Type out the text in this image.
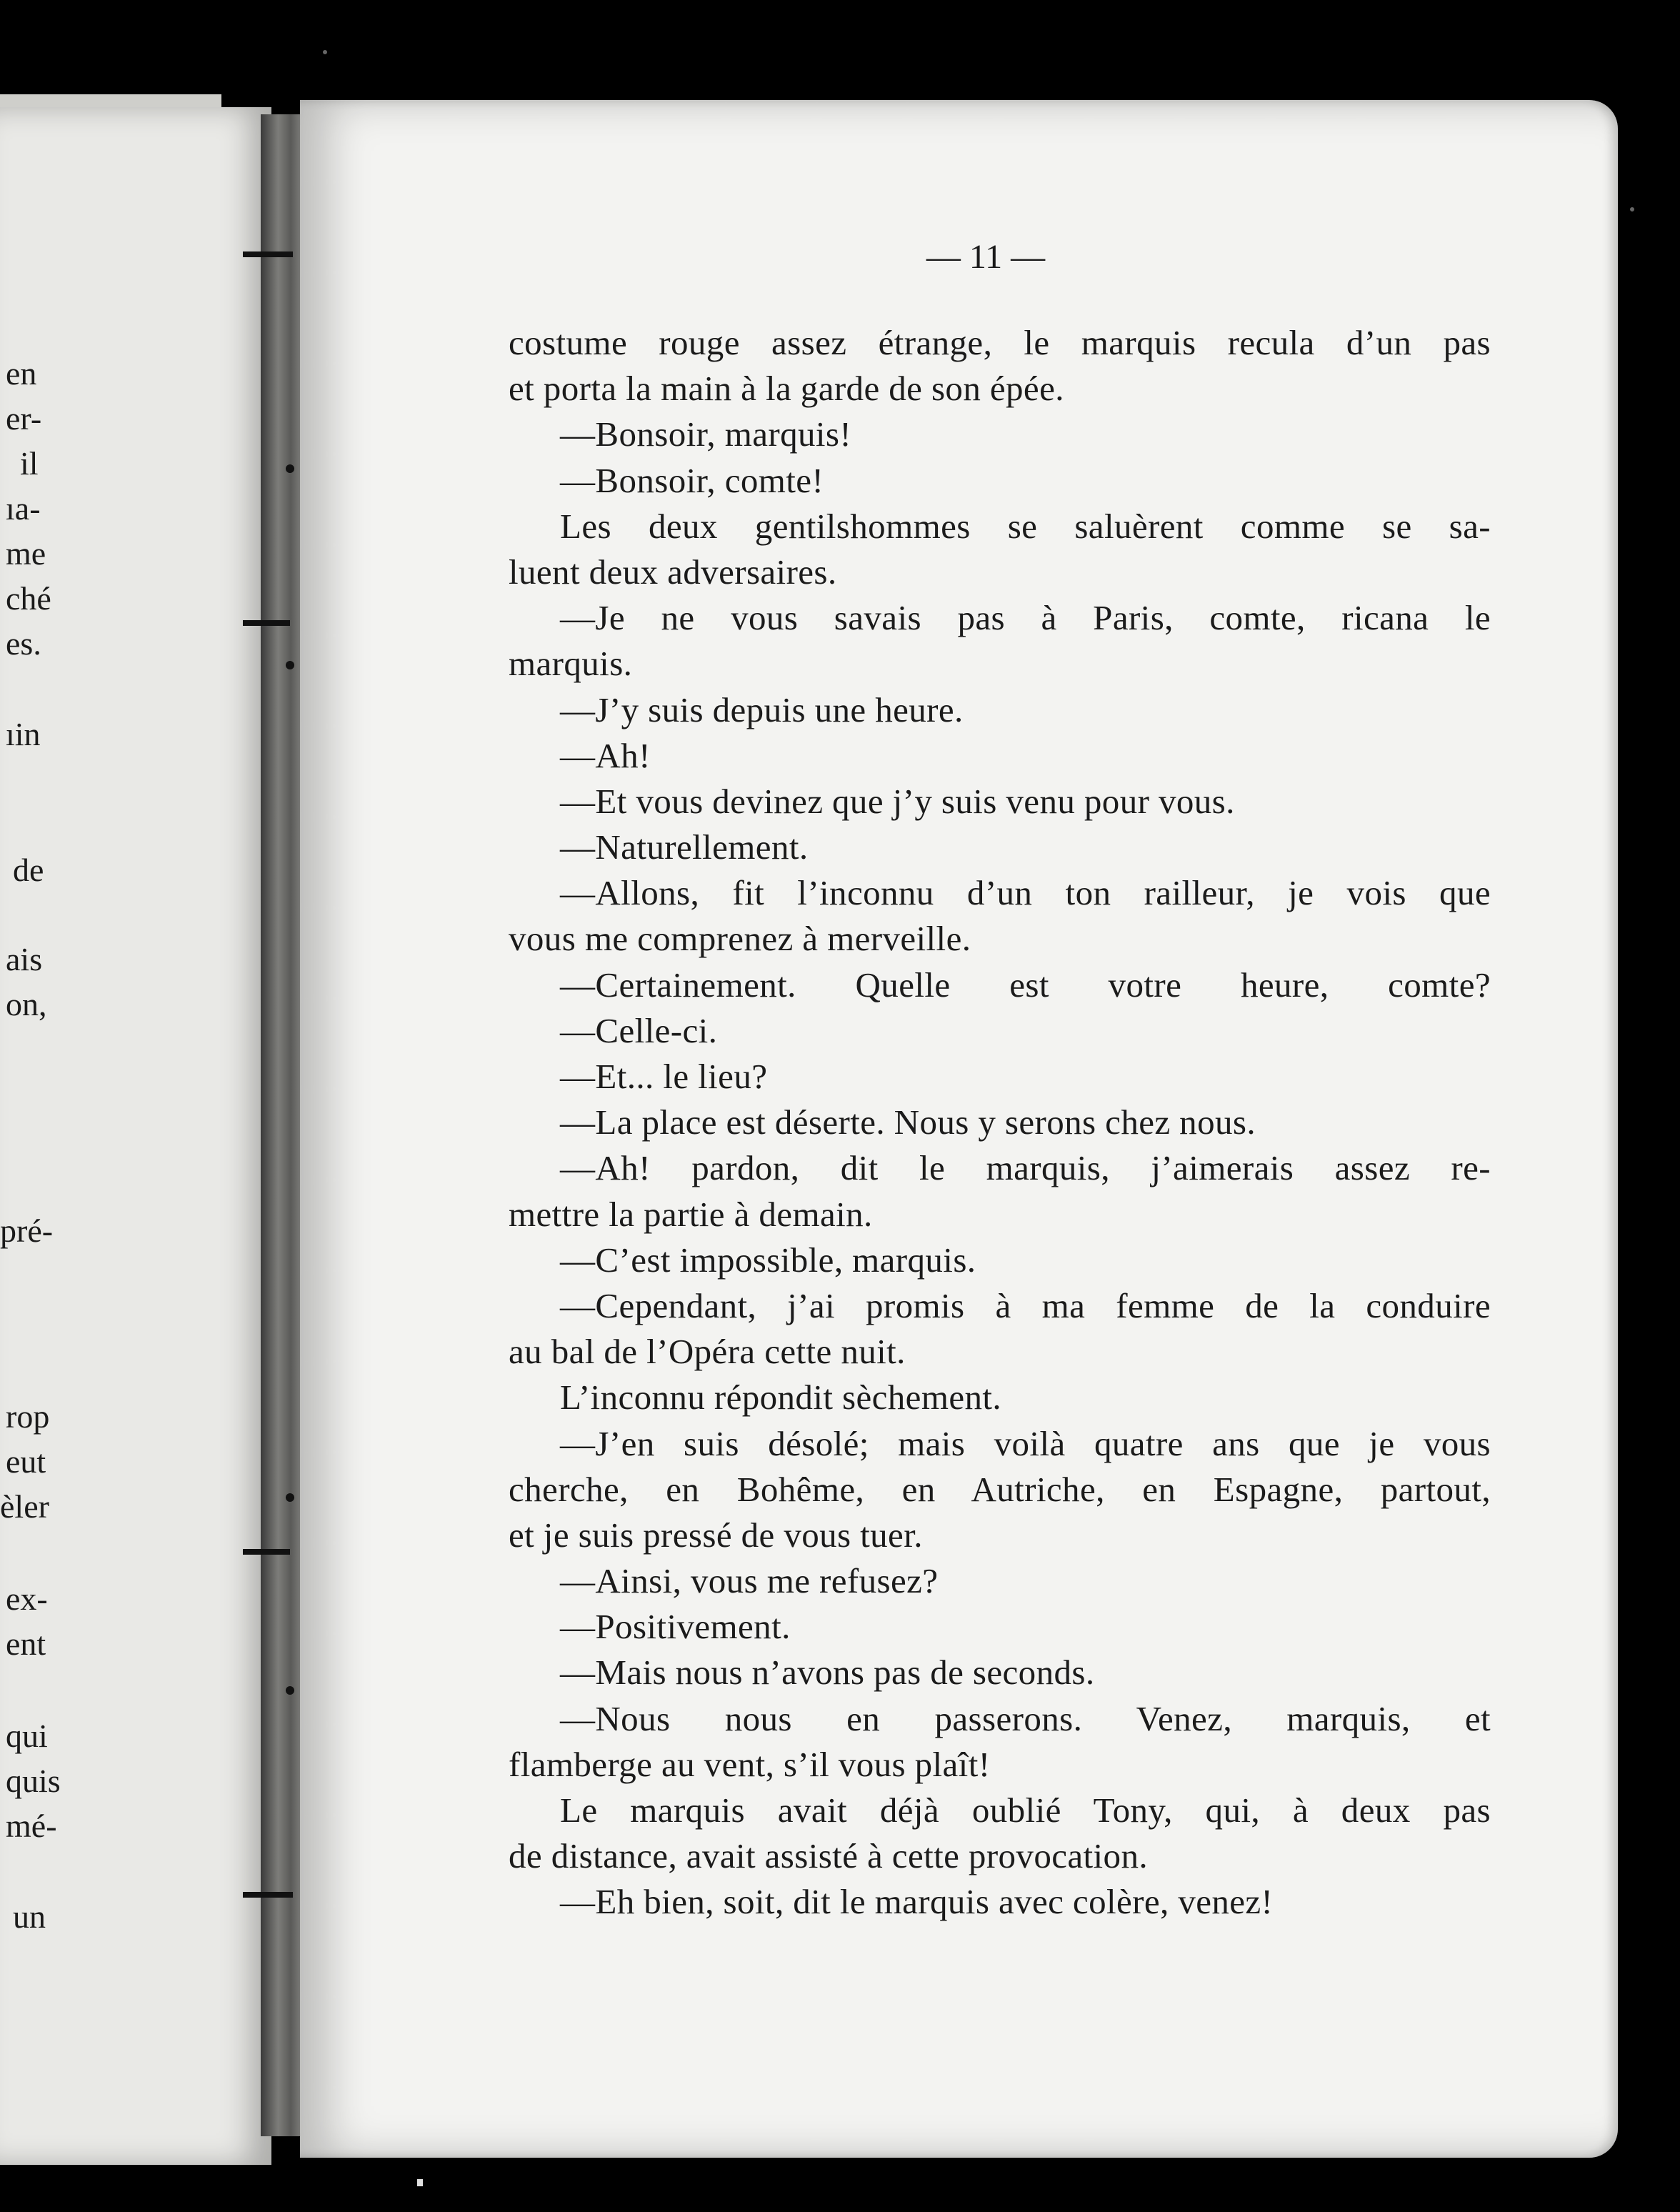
en
er-
il
ıa-
me
ché
es.
ıin
de
ais
on,
pré-
rop
eut
èler
ex-
ent
qui
quis
mé-
un
— 11 —
costume rouge assez étrange, le marquis recula d’un pas
et porta la main à la garde de son épée.
—Bonsoir, marquis!
—Bonsoir, comte!
Les deux gentilshommes se saluèrent comme se sa-
luent deux adversaires.
—Je ne vous savais pas à Paris, comte, ricana le
marquis.
—J’y suis depuis une heure.
—Ah!
—Et vous devinez que j’y suis venu pour vous.
—Naturellement.
—Allons, fit l’inconnu d’un ton railleur, je vois que
vous me comprenez à merveille.
—Certainement. Quelle est votre heure, comte?
—Celle-ci.
—Et... le lieu?
—La place est déserte. Nous y serons chez nous.
—Ah! pardon, dit le marquis, j’aimerais assez re-
mettre la partie à demain.
—C’est impossible, marquis.
—Cependant, j’ai promis à ma femme de la conduire
au bal de l’Opéra cette nuit.
L’inconnu répondit sèchement.
—J’en suis désolé; mais voilà quatre ans que je vous
cherche, en Bohême, en Autriche, en Espagne, partout,
et je suis pressé de vous tuer.
—Ainsi, vous me refusez?
—Positivement.
—Mais nous n’avons pas de seconds.
—Nous nous en passerons. Venez, marquis, et
flamberge au vent, s’il vous plaît!
Le marquis avait déjà oublié Tony, qui, à deux pas
de distance, avait assisté à cette provocation.
—Eh bien, soit, dit le marquis avec colère, venez!
